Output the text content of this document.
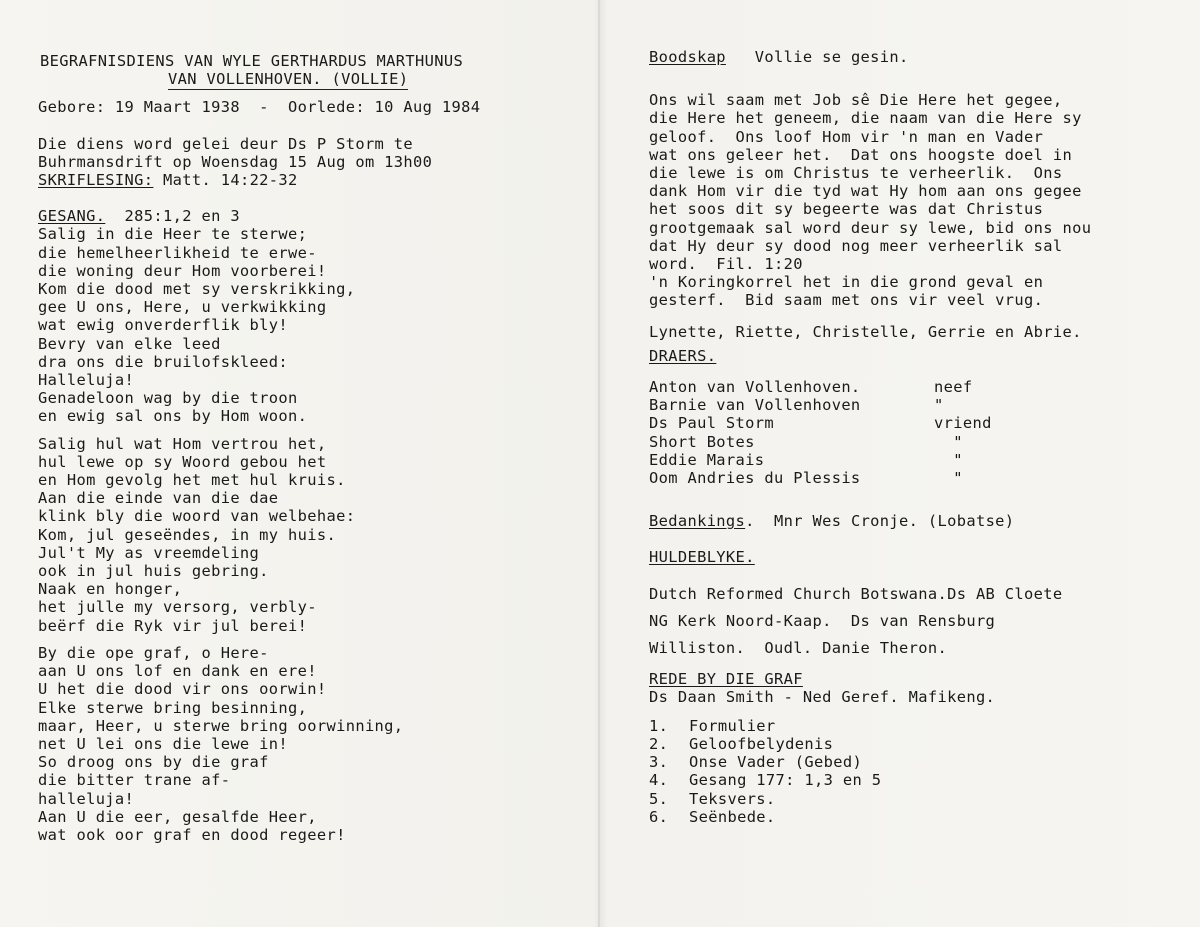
BEGRAFNISDIENS VAN WYLE GERTHARDUS MARTHUNUS
VAN VOLLENHOVEN. (VOLLIE)
Gebore: 19 Maart 1938  -  Oorlede: 10 Aug 1984
Die diens word gelei deur Ds P Storm te
Buhrmansdrift op Woensdag 15 Aug om 13h00
SKRIFLESING: Matt. 14:22-32
GESANG.  285:1,2 en 3
Salig in die Heer te sterwe;
die hemelheerlikheid te erwe-
die woning deur Hom voorberei!
Kom die dood met sy verskrikking,
gee U ons, Here, u verkwikking
wat ewig onverderflik bly!
Bevry van elke leed
dra ons die bruilofskleed:
Halleluja!
Genadeloon wag by die troon
en ewig sal ons by Hom woon.
Salig hul wat Hom vertrou het,
hul lewe op sy Woord gebou het
en Hom gevolg het met hul kruis.
Aan die einde van die dae
klink bly die woord van welbehae:
Kom, jul geseëndes, in my huis.
Jul't My as vreemdeling
ook in jul huis gebring.
Naak en honger,
het julle my versorg, verbly-
beërf die Ryk vir jul berei!
By die ope graf, o Here-
aan U ons lof en dank en ere!
U het die dood vir ons oorwin!
Elke sterwe bring besinning,
maar, Heer, u sterwe bring oorwinning,
net U lei ons die lewe in!
So droog ons by die graf
die bitter trane af-
halleluja!
Aan U die eer, gesalfde Heer,
wat ook oor graf en dood regeer!
Boodskap   Vollie se gesin.
Ons wil saam met Job sê Die Here het gegee,
die Here het geneem, die naam van die Here sy
geloof.  Ons loof Hom vir 'n man en Vader
wat ons geleer het.  Dat ons hoogste doel in
die lewe is om Christus te verheerlik.  Ons
dank Hom vir die tyd wat Hy hom aan ons gegee
het soos dit sy begeerte was dat Christus
grootgemaak sal word deur sy lewe, bid ons nou
dat Hy deur sy dood nog meer verheerlik sal
word.  Fil. 1:20
'n Koringkorrel het in die grond geval en
gesterf.  Bid saam met ons vir veel vrug.
Lynette, Riette, Christelle, Gerrie en Abrie.
DRAERS.
Anton van Vollenhoven.	neef
Barnie van Vollenhoven	"
Ds Paul Storm	vriend
Short Botes	"
Eddie Marais	"
Oom Andries du Plessis	"
Bedankings.  Mnr Wes Cronje. (Lobatse)
HULDEBLYKE.
Dutch Reformed Church Botswana.Ds AB Cloete
NG Kerk Noord-Kaap.  Ds van Rensburg
Williston.  Oudl. Danie Theron.
REDE BY DIE GRAF
Ds Daan Smith - Ned Geref. Mafikeng.
1.	Formulier
2.	Geloofbelydenis
3.	Onse Vader (Gebed)
4.	Gesang 177: 1,3 en 5
5.	Teksvers.
6.	Seënbede.
